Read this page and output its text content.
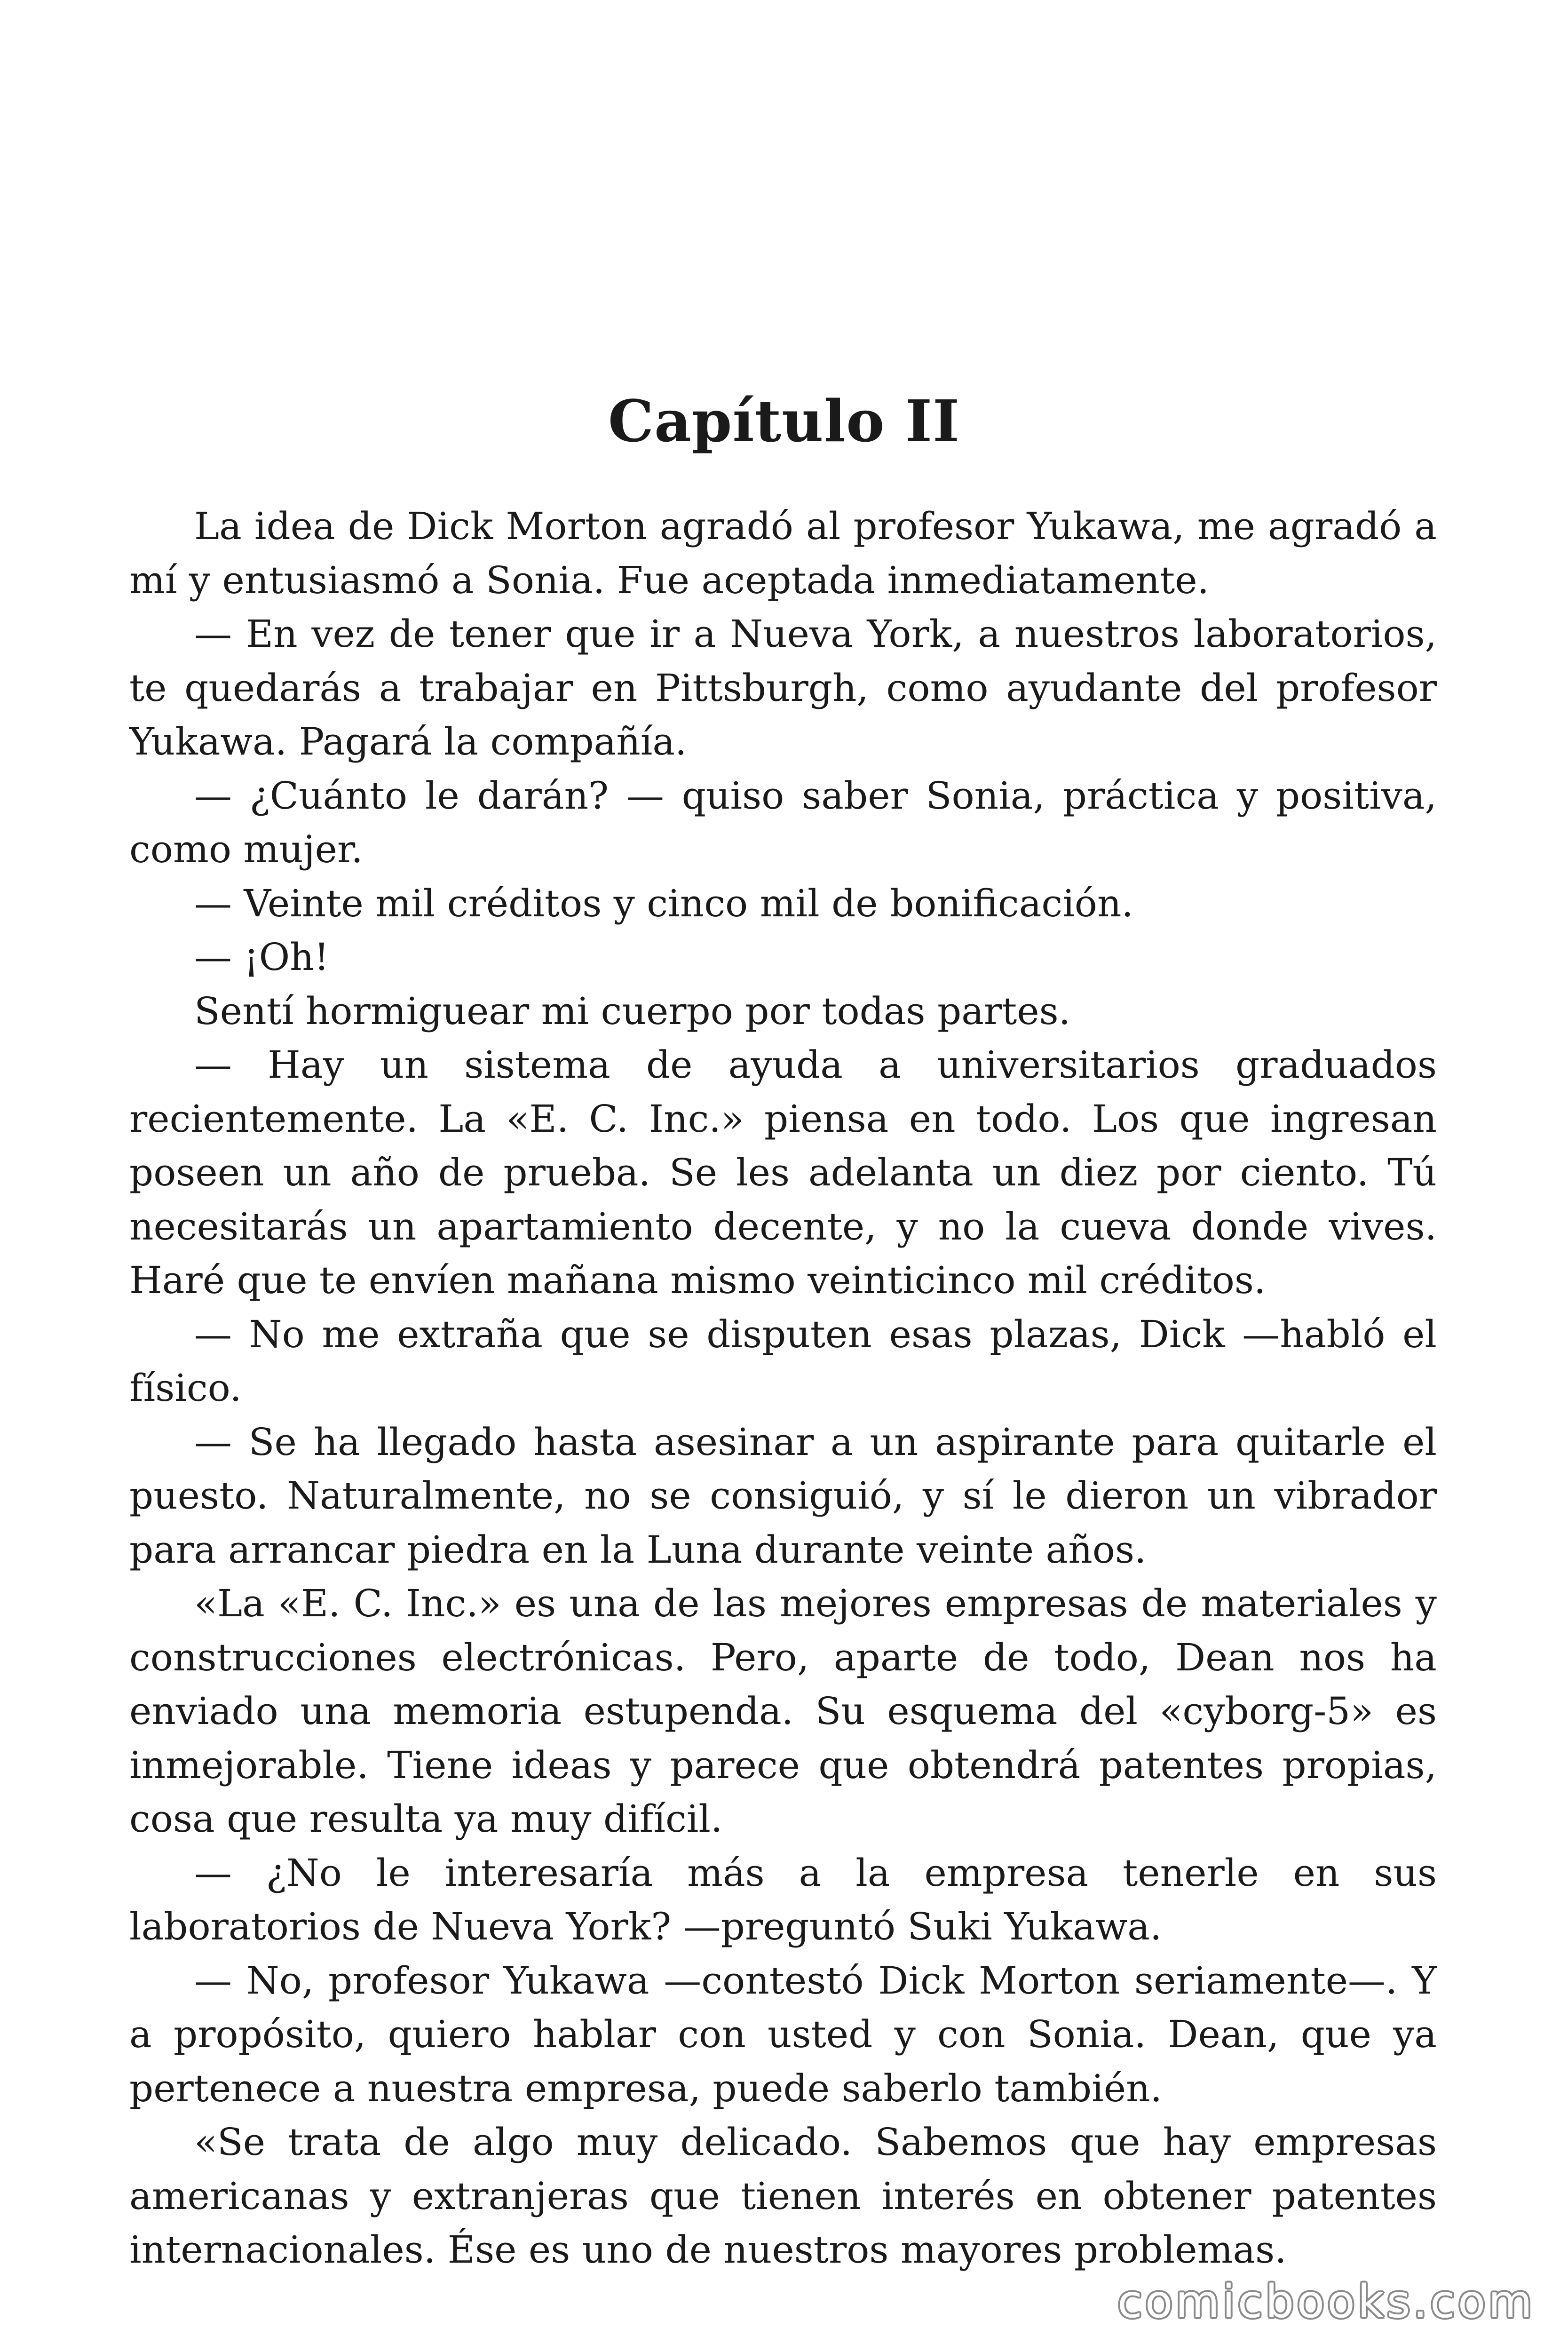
Capítulo II

La idea de Dick Morton agradó al profesor Yukawa, me agradó a mí y entusiasmó a Sonia. Fue aceptada inmediatamente.

— En vez de tener que ir a Nueva York, a nuestros laboratorios, te quedarás a trabajar en Pittsburgh, como ayudante del profesor Yukawa. Pagará la compañía.

— ¿Cuánto le darán? — quiso saber Sonia, práctica y positiva, como mujer.

— Veinte mil créditos y cinco mil de bonificación.

— ¡Oh!

Sentí hormiguear mi cuerpo por todas partes.

— Hay un sistema de ayuda a universitarios graduados recientemente. La «E. C. Inc.» piensa en todo. Los que ingresan poseen un año de prueba. Se les adelanta un diez por ciento. Tú necesitarás un apartamiento decente, y no la cueva donde vives. Haré que te envíen mañana mismo veinticinco mil créditos.

— No me extraña que se disputen esas plazas, Dick —habló el físico.

— Se ha llegado hasta asesinar a un aspirante para quitarle el puesto. Naturalmente, no se consiguió, y sí le dieron un vibrador para arrancar piedra en la Luna durante veinte años.

«La «E. C. Inc.» es una de las mejores empresas de materiales y construcciones electrónicas. Pero, aparte de todo, Dean nos ha enviado una memoria estupenda. Su esquema del «cyborg-5» es inmejorable. Tiene ideas y parece que obtendrá patentes propias, cosa que resulta ya muy difícil.

— ¿No le interesaría más a la empresa tenerle en sus laboratorios de Nueva York? —preguntó Suki Yukawa.

— No, profesor Yukawa —contestó Dick Morton seriamente—. Y a propósito, quiero hablar con usted y con Sonia. Dean, que ya pertenece a nuestra empresa, puede saberlo también.

«Se trata de algo muy delicado. Sabemos que hay empresas americanas y extranjeras que tienen interés en obtener patentes internacionales. Ése es uno de nuestros mayores problemas.

comicbooks.com
